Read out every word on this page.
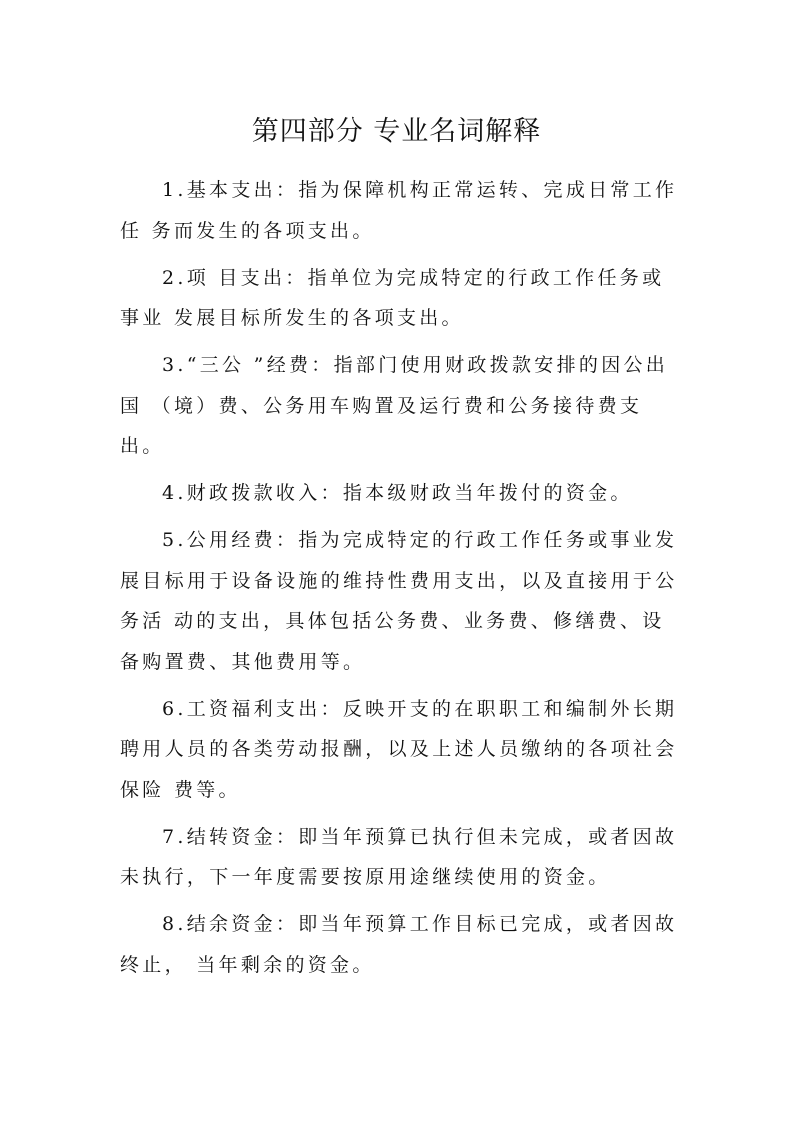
第四部分 专业名词解释

1.基本支出：指为保障机构正常运转、完成日常工作任 务而发生的各项支出。

2.项 目支出：指单位为完成特定的行政工作任务或事业 发展目标所发生的各项支出。

3.“三公 ”经费：指部门使用财政拨款安排的因公出国 （境）费、公务用车购置及运行费和公务接待费支出。

4.财政拨款收入：指本级财政当年拨付的资金。

5.公用经费：指为完成特定的行政工作任务或事业发展目标用于设备设施的维持性费用支出，以及直接用于公务活 动的支出，具体包括公务费、业务费、修缮费、设备购置费、其他费用等。

6.工资福利支出：反映开支的在职职工和编制外长期聘用人员的各类劳动报酬，以及上述人员缴纳的各项社会保险 费等。

7.结转资金：即当年预算已执行但未完成，或者因故未执行，下一年度需要按原用途继续使用的资金。

8.结余资金：即当年预算工作目标已完成，或者因故终止， 当年剩余的资金。
